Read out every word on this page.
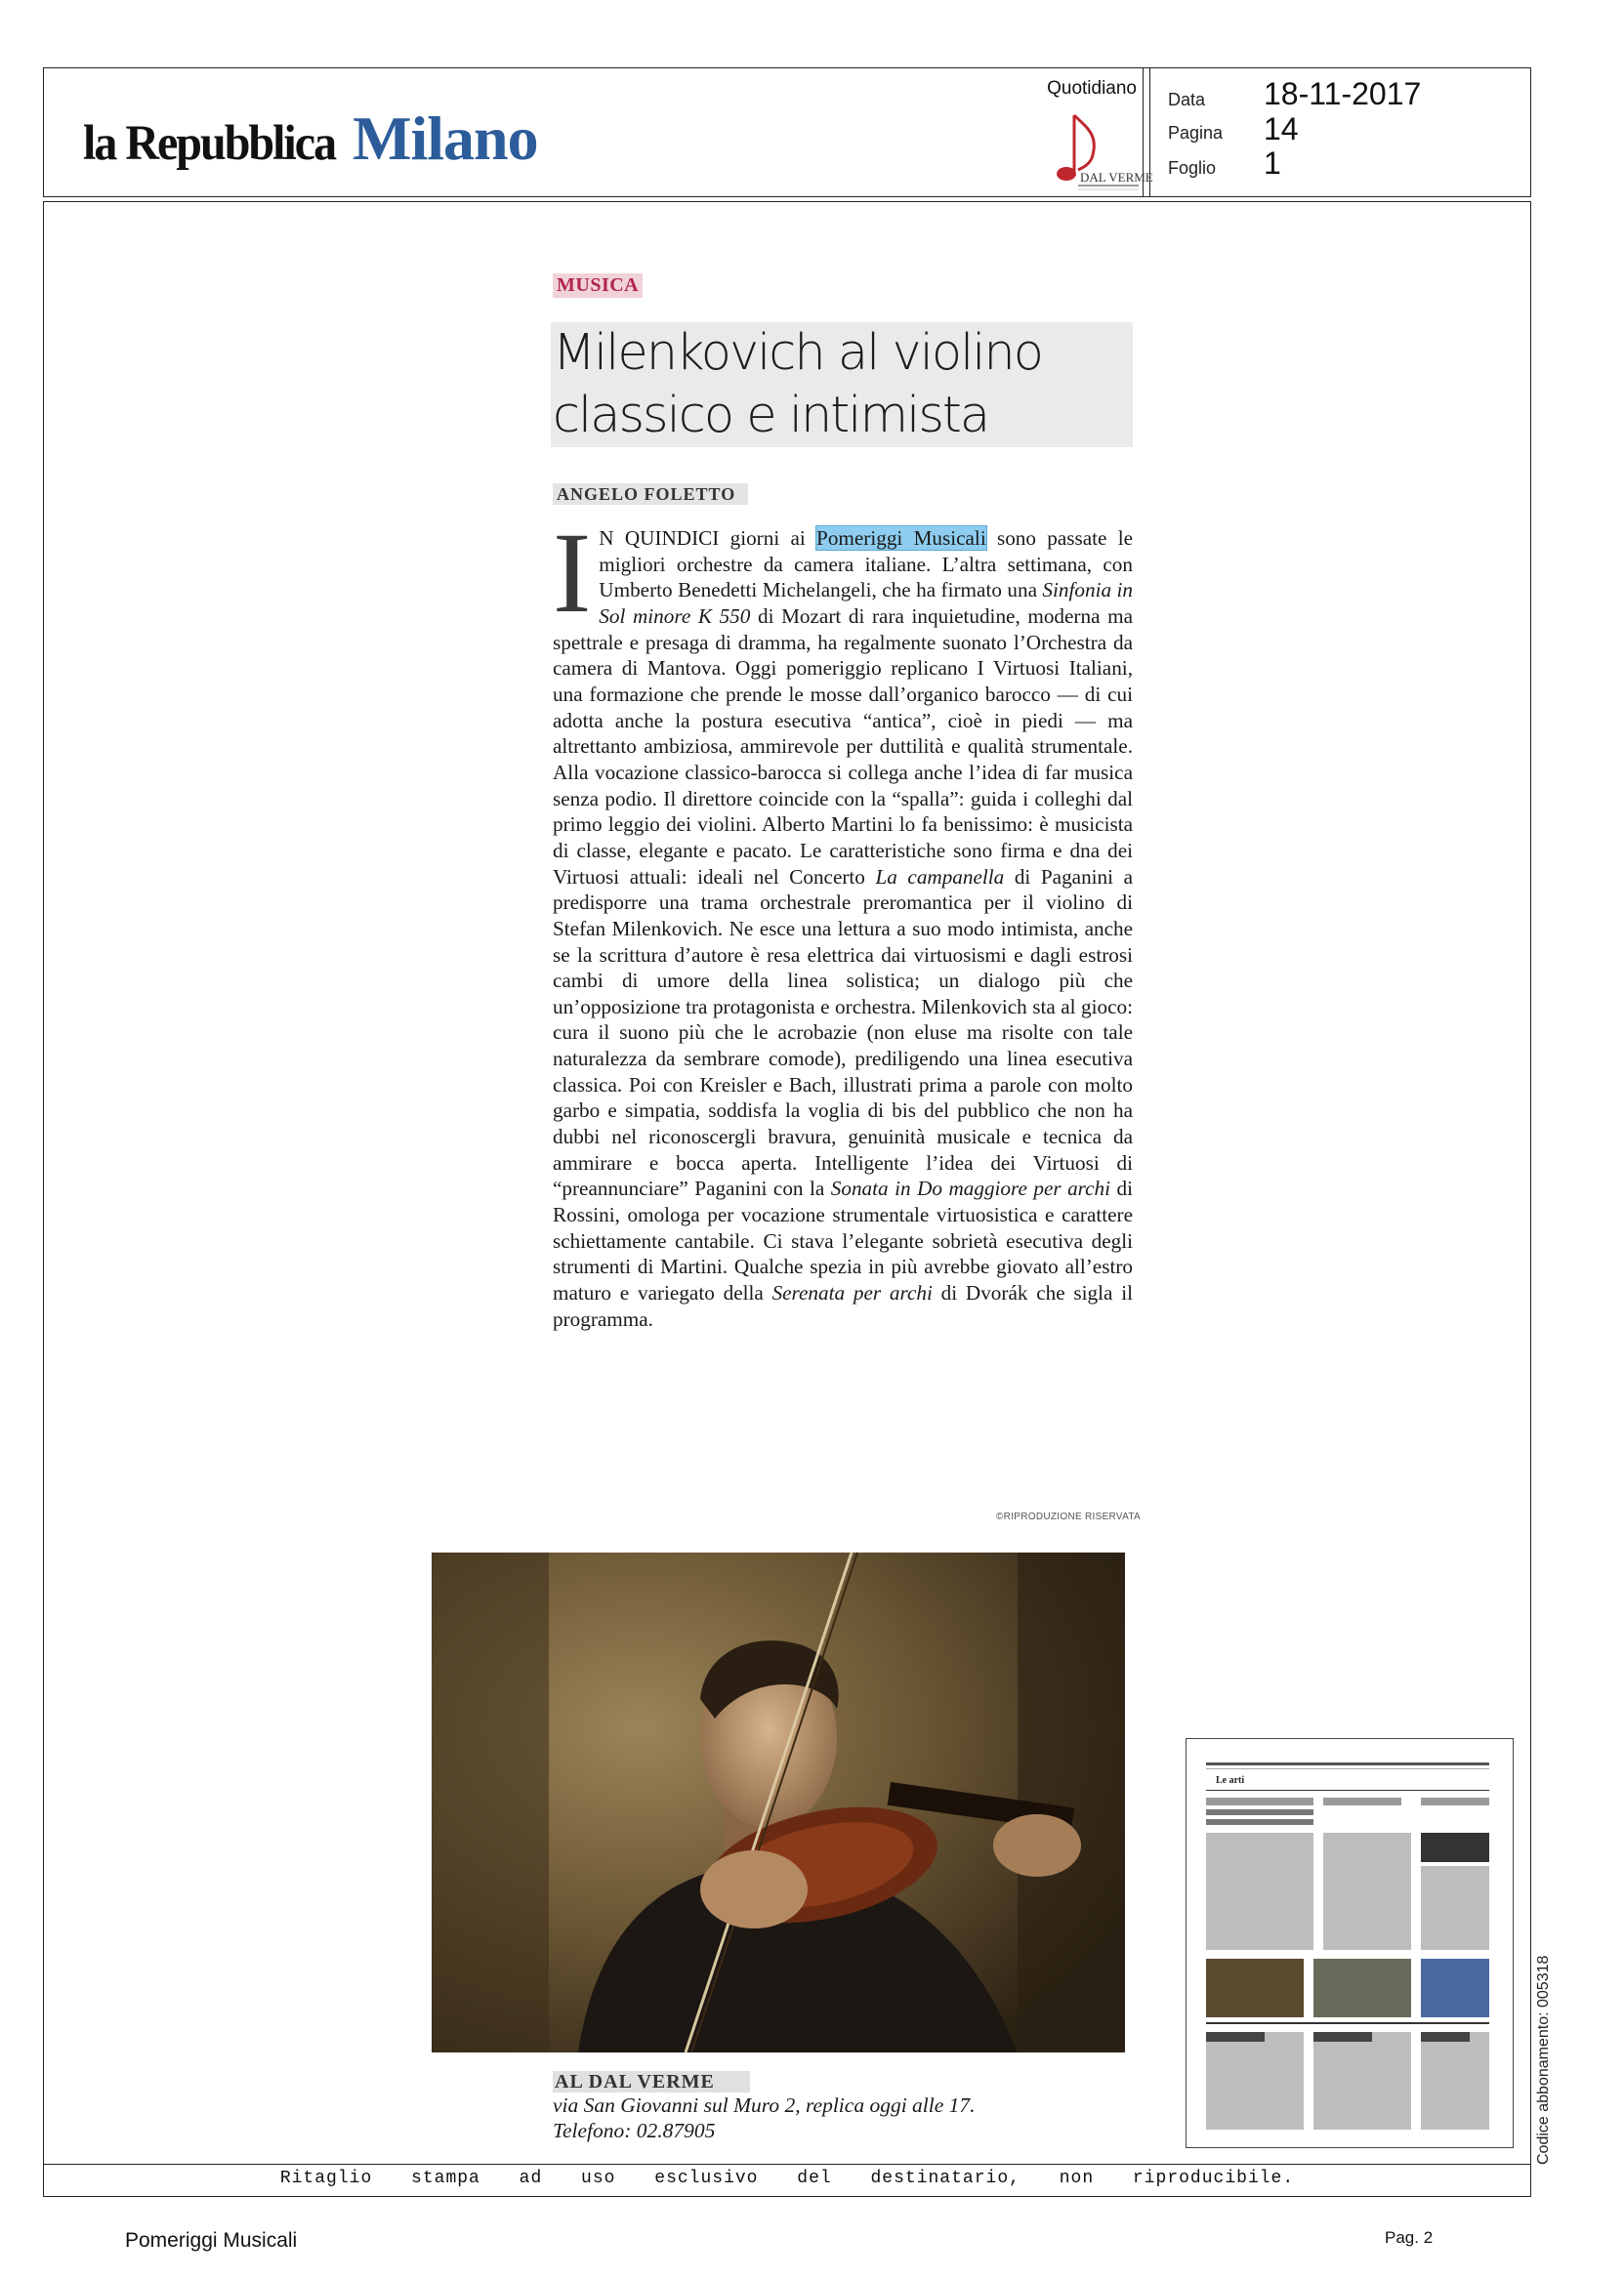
la Repubblica Milano
Quotidiano
DAL VERME
Data	18-11-2017
Pagina	14
Foglio	1
MUSICA
Milenkovich al violino
classico e intimista
ANGELO FOLETTO
I N QUINDICI giorni ai Pomeriggi Musicali sono passate le migliori orchestre da camera italiane. L’altra settimana, con Umberto Benedetti Michelangeli, che ha firmato una Sinfonia in Sol minore K 550 di Mozart di rara inquietudine, moderna ma spettrale e presaga di dramma, ha regalmente suonato l’Orchestra da camera di Mantova. Oggi pomeriggio replicano I Virtuosi Italiani, una formazione che prende le mosse dall’organico barocco — di cui adotta anche la postura esecutiva “antica”, cioè in piedi — ma altrettanto ambiziosa, ammirevole per duttilità e qualità strumentale. Alla vocazione classico-barocca si collega anche l’idea di far musica senza podio. Il direttore coincide con la “spalla”: guida i colleghi dal primo leggio dei violini. Alberto Martini lo fa benissimo: è musicista di classe, elegante e pacato. Le caratteristiche sono firma e dna dei Virtuosi attuali: ideali nel Concerto La campanella di Paganini a predisporre una trama orchestrale preromantica per il violino di Stefan Milenkovich. Ne esce una lettura a suo modo intimista, anche se la scrittura d’autore è resa elettrica dai virtuosismi e dagli estrosi cambi di umore della linea solistica; un dialogo più che un’opposizione tra protagonista e orchestra. Milenkovich sta al gioco: cura il suono più che le acrobazie (non eluse ma risolte con tale naturalezza da sembrare comode), prediligendo una linea esecutiva classica. Poi con Kreisler e Bach, illustrati prima a parole con molto garbo e simpatia, soddisfa la voglia di bis del pubblico che non ha dubbi nel riconoscergli bravura, genuinità musicale e tecnica da ammirare e bocca aperta. Intelligente l’idea dei Virtuosi di “preannunciare” Paganini con la Sonata in Do maggiore per archi di Rossini, omologa per vocazione strumentale virtuosistica e carattere schiettamente cantabile. Ci stava l’elegante sobrietà esecutiva degli strumenti di Martini. Qualche spezia in più avrebbe giovato all’estro maturo e variegato della Serenata per archi di Dvorák che sigla il programma.
©RIPRODUZIONE RISERVATA
AL DAL VERME
via San Giovanni sul Muro 2, replica oggi alle 17.
Telefono: 02.87905
Le arti
Codice abbonamento: 005318
Ritaglio stampa ad uso esclusivo del destinatario, non riproducibile.
Pomeriggi Musicali	Pag. 2
